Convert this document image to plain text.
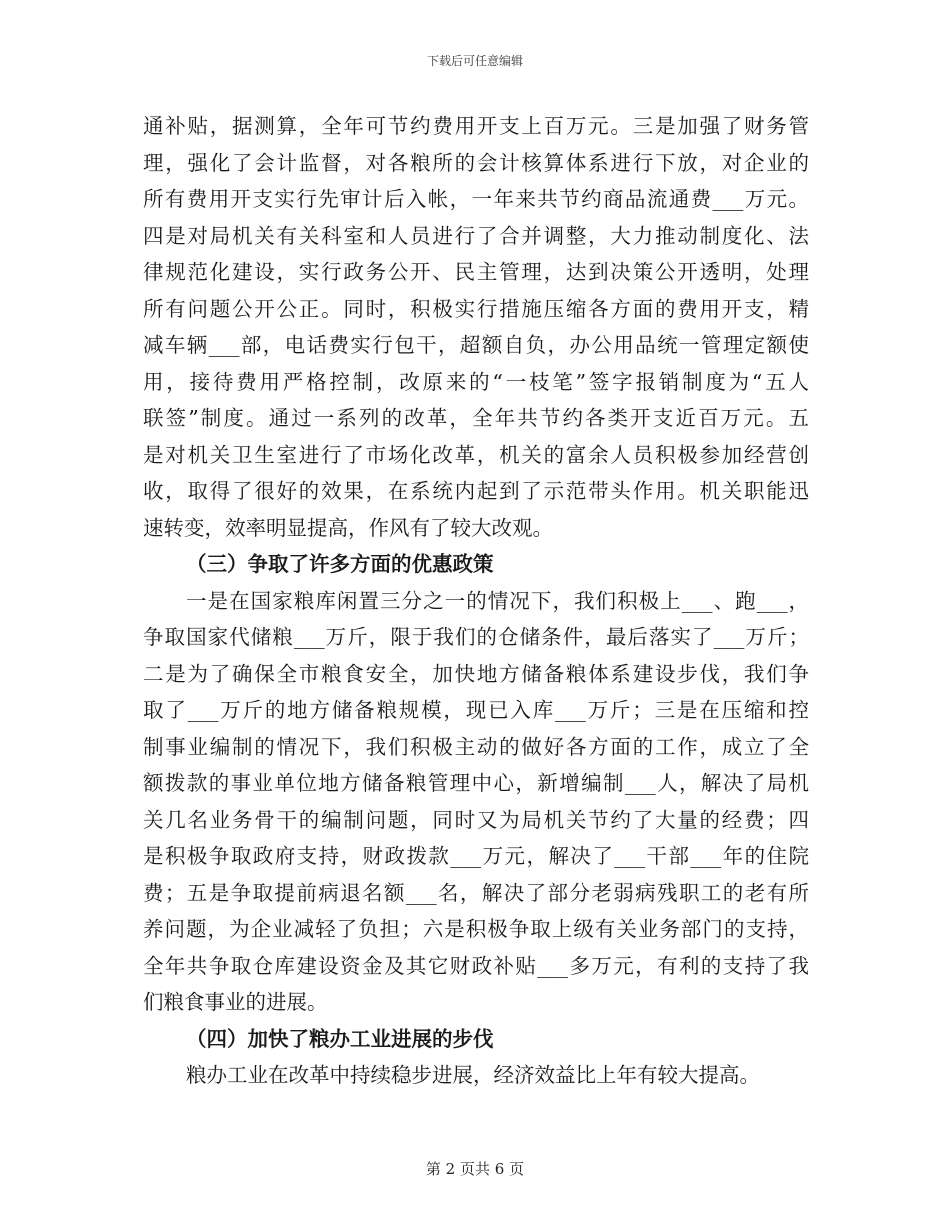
下载后可任意编辑
通补贴，据测算，全年可节约费用开支上百万元。三是加强了财务管
理，强化了会计监督，对各粮所的会计核算体系进行下放，对企业的
所有费用开支实行先审计后入帐，一年来共节约商品流通费___万元。
四是对局机关有关科室和人员进行了合并调整，大力推动制度化、法
律规范化建设，实行政务公开、民主管理，达到决策公开透明，处理
所有问题公开公正。同时，积极实行措施压缩各方面的费用开支，精
减车辆___部，电话费实行包干，超额自负，办公用品统一管理定额使
用，接待费用严格控制，改原来的“一枝笔”签字报销制度为“五人
联签”制度。通过一系列的改革，全年共节约各类开支近百万元。五
是对机关卫生室进行了市场化改革，机关的富余人员积极参加经营创
收，取得了很好的效果，在系统内起到了示范带头作用。机关职能迅
速转变，效率明显提高，作风有了较大改观。
（三）争取了许多方面的优惠政策
一是在国家粮库闲置三分之一的情况下，我们积极上___、跑___，
争取国家代储粮___万斤，限于我们的仓储条件，最后落实了___万斤；
二是为了确保全市粮食安全，加快地方储备粮体系建设步伐，我们争
取了___万斤的地方储备粮规模，现已入库___万斤；三是在压缩和控
制事业编制的情况下，我们积极主动的做好各方面的工作，成立了全
额拨款的事业单位地方储备粮管理中心，新增编制___人，解决了局机
关几名业务骨干的编制问题，同时又为局机关节约了大量的经费；四
是积极争取政府支持，财政拨款___万元，解决了___干部___年的住院
费；五是争取提前病退名额___名，解决了部分老弱病残职工的老有所
养问题，为企业减轻了负担；六是积极争取上级有关业务部门的支持，
全年共争取仓库建设资金及其它财政补贴___多万元，有利的支持了我
们粮食事业的进展。
（四）加快了粮办工业进展的步伐
粮办工业在改革中持续稳步进展，经济效益比上年有较大提高。
第 2 页共 6 页
